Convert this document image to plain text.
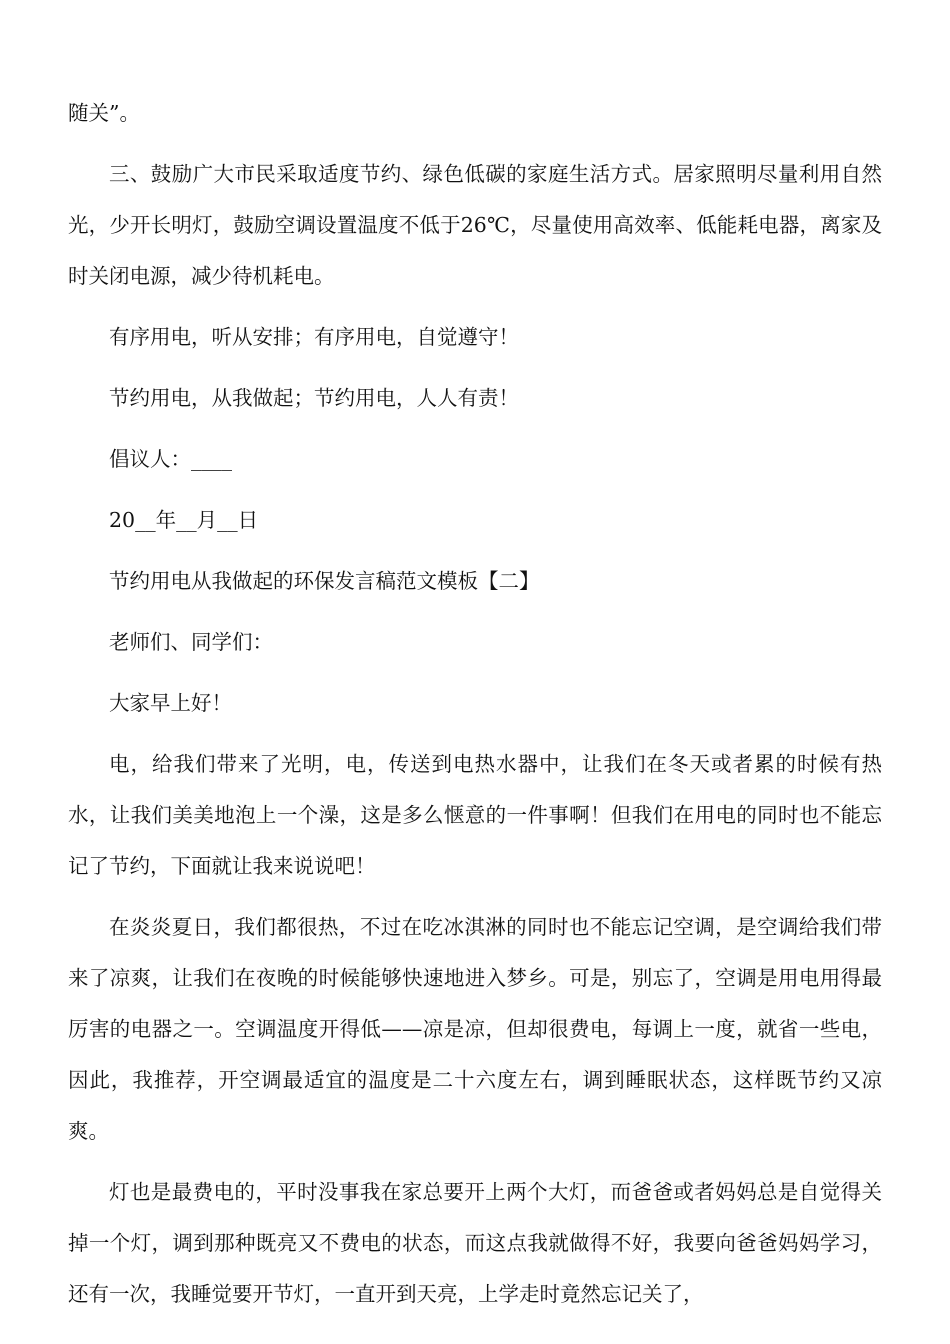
随关”。

三、鼓励广大市民采取适度节约、绿色低碳的家庭生活方式。居家照明尽量利用自然光，少开长明灯，鼓励空调设置温度不低于26℃，尽量使用高效率、低能耗电器，离家及时关闭电源，减少待机耗电。

有序用电，听从安排；有序用电，自觉遵守！

节约用电，从我做起；节约用电，人人有责！

倡议人：____

20__年__月__日

节约用电从我做起的环保发言稿范文模板【二】

老师们、同学们：

大家早上好！

电，给我们带来了光明，电，传送到电热水器中，让我们在冬天或者累的时候有热水，让我们美美地泡上一个澡，这是多么惬意的一件事啊！但我们在用电的同时也不能忘记了节约，下面就让我来说说吧！

在炎炎夏日，我们都很热，不过在吃冰淇淋的同时也不能忘记空调，是空调给我们带来了凉爽，让我们在夜晚的时候能够快速地进入梦乡。可是，别忘了，空调是用电用得最厉害的电器之一。空调温度开得低——凉是凉，但却很费电，每调上一度，就省一些电，因此，我推荐，开空调最适宜的温度是二十六度左右，调到睡眠状态，这样既节约又凉爽。

灯也是最费电的，平时没事我在家总要开上两个大灯，而爸爸或者妈妈总是自觉得关掉一个灯，调到那种既亮又不费电的状态，而这点我就做得不好，我要向爸爸妈妈学习，还有一次，我睡觉要开节灯，一直开到天亮，上学走时竟然忘记关了，
